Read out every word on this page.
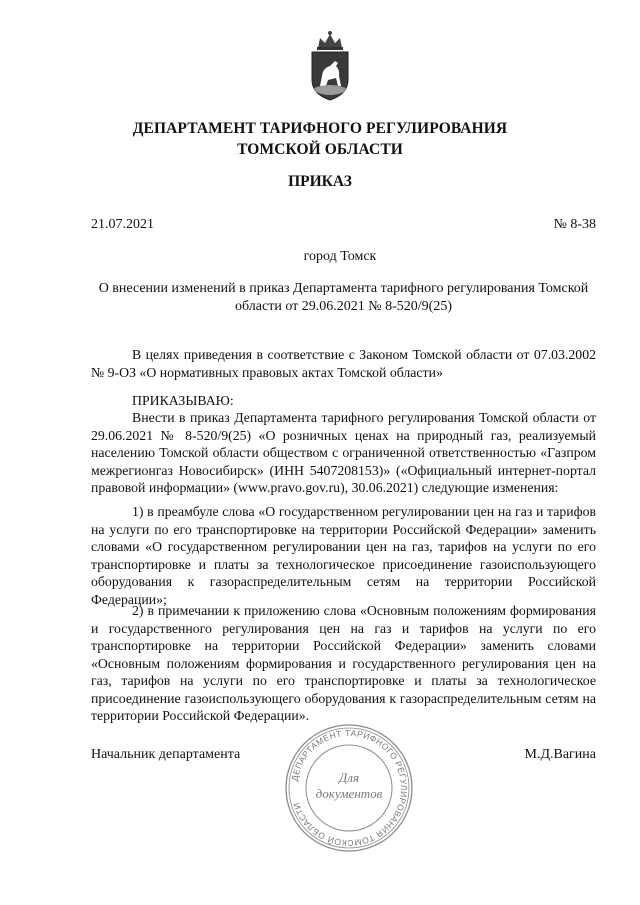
ДЕПАРТАМЕНТ ТАРИФНОГО РЕГУЛИРОВАНИЯ
ТОМСКОЙ ОБЛАСТИ
ПРИКАЗ
21.07.2021	№ 8-38
город Томск
О внесении изменений в приказ Департамента тарифного регулирования Томской
области от 29.06.2021 № 8-520/9(25)

В целях приведения в соответствие с Законом Томской области от 07.03.2002 № 9-ОЗ «О нормативных правовых актах Томской области»

ПРИКАЗЫВАЮ:

Внести в приказ Департамента тарифного регулирования Томской области от 29.06.2021 № 8-520/9(25) «О розничных ценах на природный газ, реализуемый населению Томской области обществом с ограниченной ответственностью «Газпром межрегионгаз Новосибирск» (ИНН 5407208153)» («Официальный интернет-портал правовой информации» (www.pravo.gov.ru), 30.06.2021) следующие изменения:

1) в преамбуле слова «О государственном регулировании цен на газ и тарифов на услуги по его транспортировке на территории Российской Федерации» заменить словами «О государственном регулировании цен на газ, тарифов на услуги по его транспортировке и платы за технологическое присоединение газоиспользующего оборудования к газораспределительным сетям на территории Российской Федерации»;

2) в примечании к приложению слова «Основным положениям формирования и государственного регулирования цен на газ и тарифов на услуги по его транспортировке на территории Российской Федерации» заменить словами «Основным положениям формирования и государственного регулирования цен на газ, тарифов на услуги по его транспортировке и платы за технологическое присоединение газоиспользующего оборудования к газораспределительным сетям на территории Российской Федерации».

Начальник департамента	М.Д.Вагина
ДЕПАРТАМЕНТ ТАРИФНОГО РЕГУЛИРОВАНИЯ ТОМСКОЙ ОБЛАСТИ
Для
документов
